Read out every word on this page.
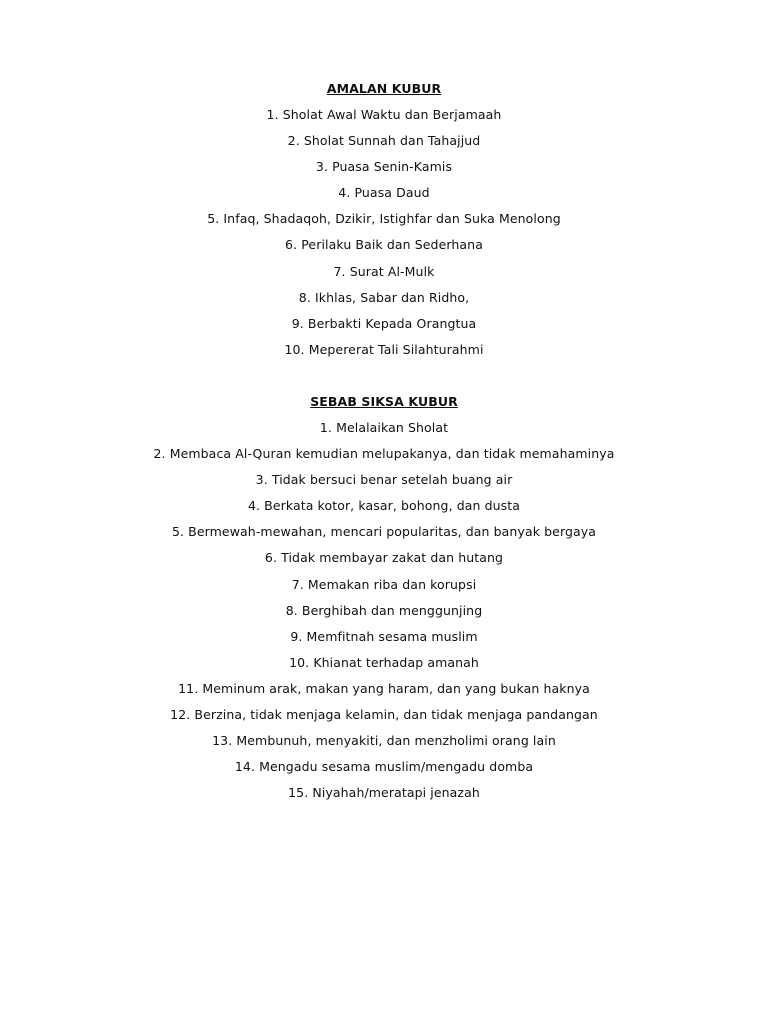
AMALAN KUBUR
1. Sholat Awal Waktu dan Berjamaah
2. Sholat Sunnah dan Tahajjud
3. Puasa Senin-Kamis
4. Puasa Daud
5. Infaq, Shadaqoh, Dzikir, Istighfar dan Suka Menolong
6. Perilaku Baik dan Sederhana
7. Surat Al-Mulk
8. Ikhlas, Sabar dan Ridho,
9. Berbakti Kepada Orangtua
10. Mepererat Tali Silahturahmi
SEBAB SIKSA KUBUR
1. Melalaikan Sholat
2. Membaca Al-Quran kemudian melupakanya, dan tidak memahaminya
3. Tidak bersuci benar setelah buang air
4. Berkata kotor, kasar, bohong, dan dusta
5. Bermewah-mewahan, mencari popularitas, dan banyak bergaya
6. Tidak membayar zakat dan hutang
7. Memakan riba dan korupsi
8. Berghibah dan menggunjing
9. Memfitnah sesama muslim
10. Khianat terhadap amanah
11. Meminum arak, makan yang haram, dan yang bukan haknya
12. Berzina, tidak menjaga kelamin, dan tidak menjaga pandangan
13. Membunuh, menyakiti, dan menzholimi orang lain
14. Mengadu sesama muslim/mengadu domba
15. Niyahah/meratapi jenazah
